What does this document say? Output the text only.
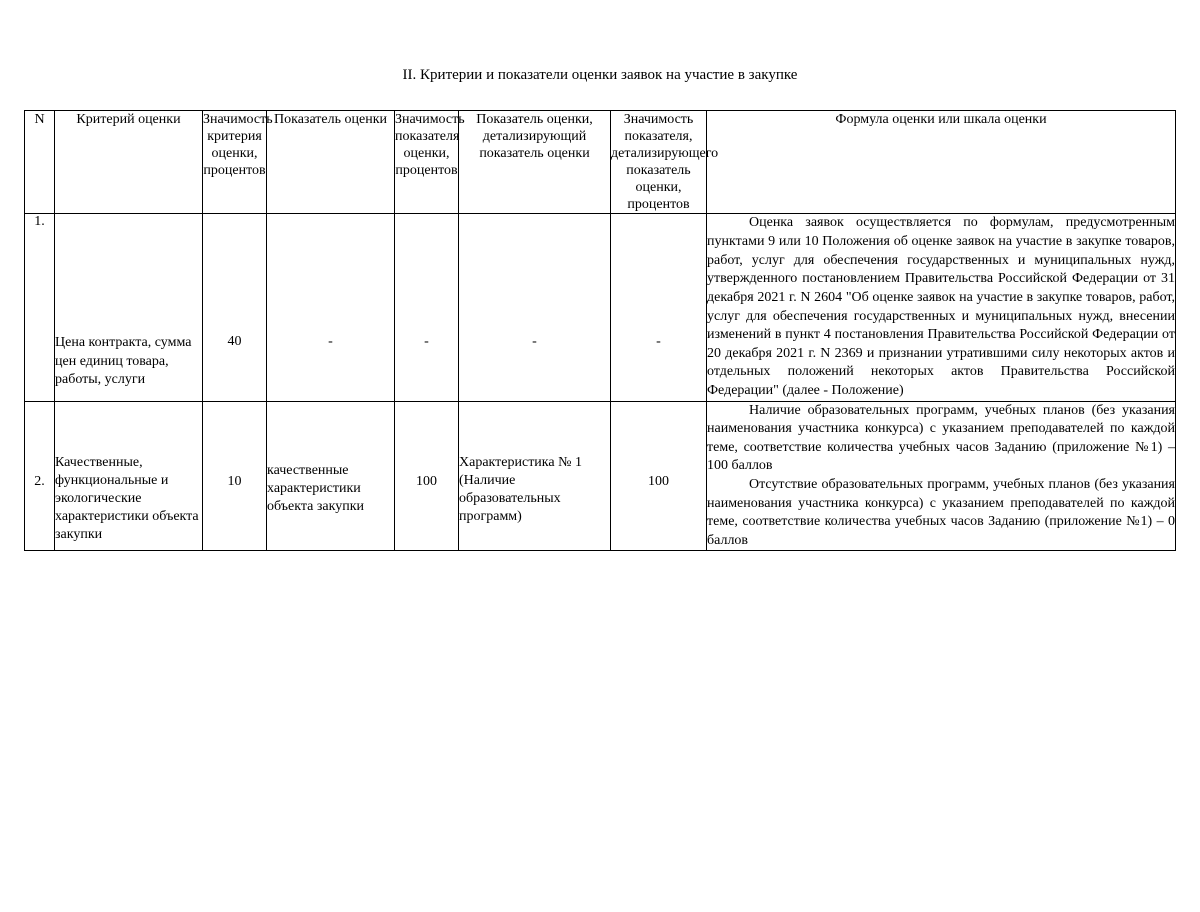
II. Критерии и показатели оценки заявок на участие в закупке
N	Критерий оценки	Значимость критерия оценки, процентов	Показатель оценки	Значимость показателя оценки, процентов	Показатель оценки, детализирующий показатель оценки	Значимость показателя, детализирующего показатель оценки, процентов	Формула оценки или шкала оценки
1.	Цена контракта, сумма цен единиц товара, работы, услуги	40	-	-	-	-	Оценка заявок осуществляется по формулам, предусмотренным пунктами 9 или 10 Положения об оценке заявок на участие в закупке товаров, работ, услуг для обеспечения государственных и муниципальных нужд, утвержденного постановлением Правительства Российской Федерации от 31 декабря 2021 г. N 2604 "Об оценке заявок на участие в закупке товаров, работ, услуг для обеспечения государственных и муниципальных нужд, внесении изменений в пункт 4 постановления Правительства Российской Федерации от 20 декабря 2021 г. N 2369 и признании утратившими силу некоторых актов и отдельных положений некоторых актов Правительства Российской Федерации" (далее - Положение)

2.	Качественные, функциональные и экологические характеристики объекта закупки	10	качественные характеристики объекта закупки	100	Характеристика № 1 (Наличие образовательных программ)	100	Наличие образовательных программ, учебных планов (без указания наименования участника конкурса) с указанием преподавателей по каждой теме, соответствие количества учебных часов Заданию (приложение №1) – 100 баллов

Отсутствие образовательных программ, учебных планов (без указания наименования участника конкурса) с указанием преподавателей по каждой теме, соответствие количества учебных часов Заданию (приложение №1) – 0 баллов
